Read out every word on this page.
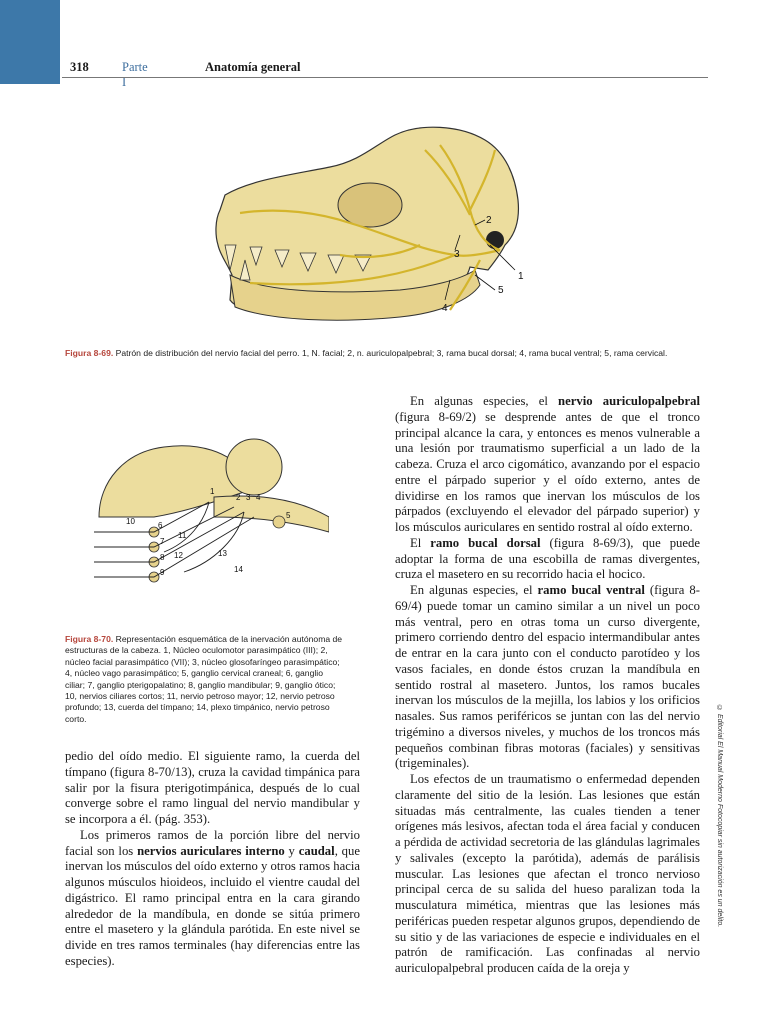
318	Parte I
Anatomía general
1
2
3
4
5
Figura 8-69. Patrón de distribución del nervio facial del perro. 1, N. facial; 2, n. auriculopalpebral; 3, rama bucal dorsal; 4, rama bucal ventral; 5, rama cervical.
1
2 3 4
5
6
7
8
9
10
11
12	13
14
Figura 8-70. Representación esquemática de la inervación autónoma de estructuras de la cabeza. 1, Núcleo oculomotor parasimpático (III); 2, núcleo facial parasimpático (VII); 3, núcleo glosofaríngeo parasimpático; 4, núcleo vago parasimpático; 5, ganglio cervical craneal; 6, ganglio ciliar; 7, ganglio pterigopalatino; 8, ganglio mandibular; 9, ganglio ótico; 10, nervios ciliares cortos; 11, nervio petroso mayor; 12, nervio petroso profundo; 13, cuerda del tímpano; 14, plexo timpánico, nervio petroso corto.

pedio del oído medio. El siguiente ramo, la cuerda del tímpano (figura 8-70/13), cruza la cavidad timpánica para salir por la fisura pterigotimpánica, después de lo cual converge sobre el ramo lingual del nervio mandibular y se incorpora a él. (pág. 353).

Los primeros ramos de la porción libre del nervio facial son los nervios auriculares interno y caudal, que inervan los músculos del oído externo y otros ramos hacia algunos músculos hioideos, incluido el vientre caudal del digástrico. El ramo principal entra en la cara girando alrededor de la mandíbula, en donde se sitúa primero entre el masetero y la glándula parótida. En este nivel se divide en tres ramos terminales (hay diferencias entre las especies).

En algunas especies, el nervio auriculopalpebral (figura 8-69/2) se desprende antes de que el tronco principal alcance la cara, y entonces es menos vulnerable a una lesión por traumatismo superficial a un lado de la cabeza. Cruza el arco cigomático, avanzando por el espacio entre el párpado superior y el oído externo, antes de dividirse en los ramos que inervan los músculos de los párpados (excluyendo el elevador del párpado superior) y los músculos auriculares en sentido rostral al oído externo.

El ramo bucal dorsal (figura 8-69/3), que puede adoptar la forma de una escobilla de ramas divergentes, cruza el masetero en su recorrido hacia el hocico.

En algunas especies, el ramo bucal ventral (figura 8-69/4) puede tomar un camino similar a un nivel un poco más ventral, pero en otras toma un curso divergente, primero corriendo dentro del espacio intermandibular antes de entrar en la cara junto con el conducto parotídeo y los vasos faciales, en donde éstos cruzan la mandíbula en sentido rostral al masetero. Juntos, los ramos bucales inervan los músculos de la mejilla, los labios y los orificios nasales. Sus ramos periféricos se juntan con las del nervio trigémino a diversos niveles, y muchos de los troncos más pequeños combinan fibras motoras (faciales) y sensitivas (trigeminales).

Los efectos de un traumatismo o enfermedad dependen claramente del sitio de la lesión. Las lesiones que están situadas más centralmente, las cuales tienden a tener orígenes más lesivos, afectan toda el área facial y conducen a pérdida de actividad secretoria de las glándulas lagrimales y salivales (excepto la parótida), además de parálisis muscular. Las lesiones que afectan el tronco nervioso principal cerca de su salida del hueso paralizan toda la musculatura mimética, mientras que las lesiones más periféricas pueden respetar algunos grupos, dependiendo de su sitio y de las variaciones de especie e individuales en el patrón de ramificación. Las confinadas al nervio auriculopalpebral producen caída de la oreja y

© Editorial El Manual Moderno Fotocopiar sin autorización es un delito.
